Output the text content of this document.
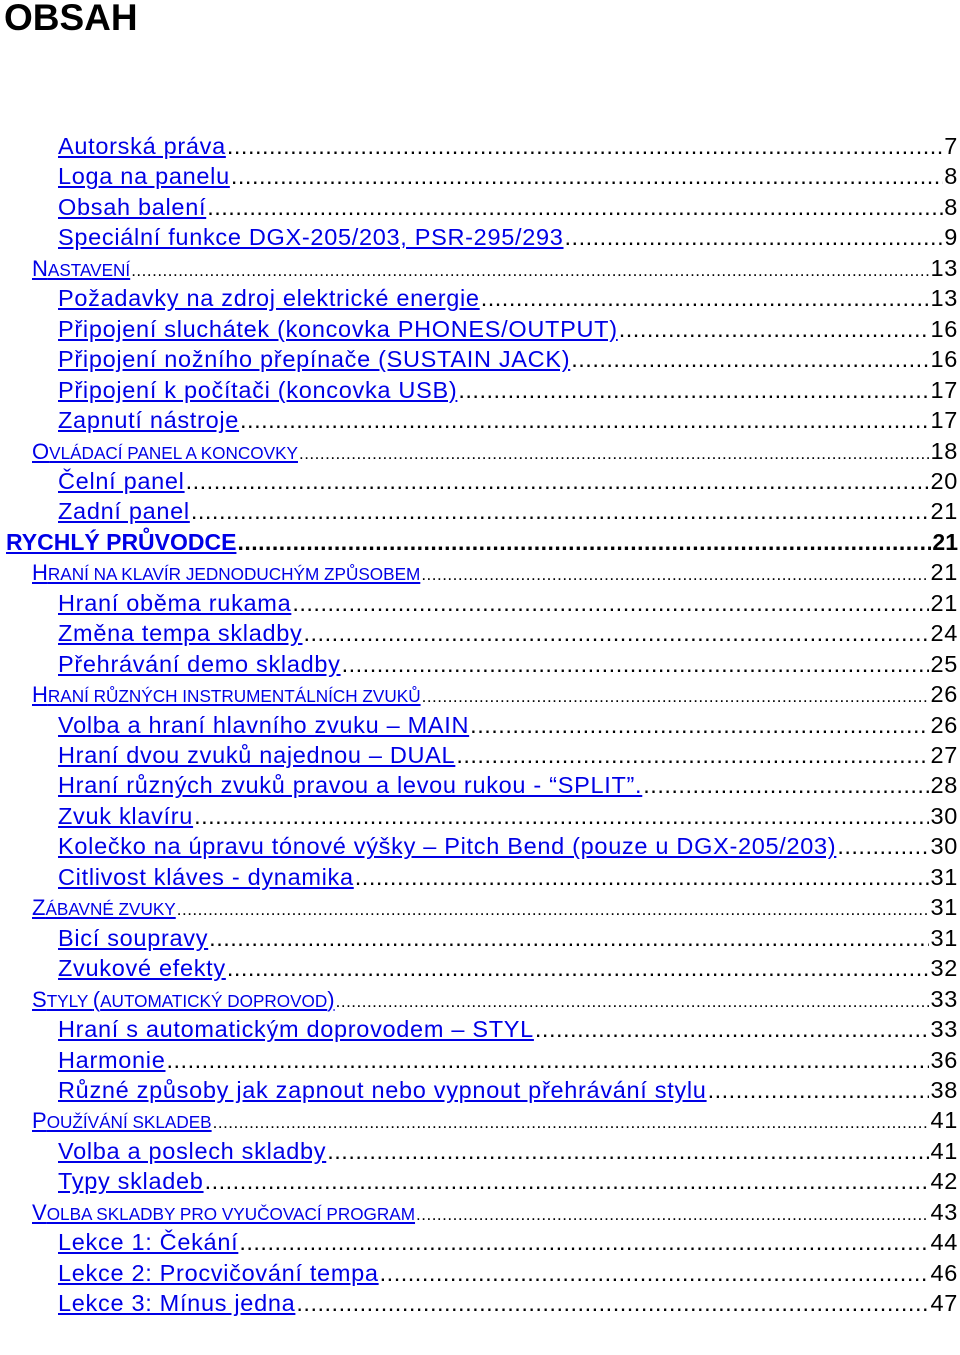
OBSAH
Autorská práva .....	7
Loga na panelu .....	8
Obsah balení .....	8
Speciální funkce DGX-205/203, PSR-295/293 .....	9
NASTAVENÍ .....	13
Požadavky na zdroj elektrické energie .....	13
Připojení sluchátek (koncovka PHONES/OUTPUT) .....	16
Připojení nožního přepínače (SUSTAIN JACK) .....	16
Připojení k počítači (koncovka USB) .....	17
Zapnutí nástroje .....	17
OVLÁDACÍ PANEL A KONCOVKY .....	18
Čelní panel .....	20
Zadní panel .....	21
RYCHLÝ PRŮVODCE .....	21
HRANÍ NA KLAVÍR JEDNODUCHÝM ZPŮSOBEM .....	21
Hraní oběma rukama .....	21
Změna tempa skladby .....	24
Přehrávání demo skladby .....	25
HRANÍ RŮZNÝCH INSTRUMENTÁLNÍCH ZVUKŮ .....	26
Volba a hraní hlavního zvuku – MAIN .....	26
Hraní dvou zvuků najednou – DUAL .....	27
Hraní různých zvuků pravou a levou rukou - “SPLIT”. .....	28
Zvuk klavíru .....	30
Kolečko na úpravu tónové výšky – Pitch Bend (pouze u DGX-205/203) .....	30
Citlivost kláves - dynamika .....	31
ZÁBAVNÉ ZVUKY .....	31
Bicí soupravy .....	31
Zvukové efekty .....	32
STYLY (AUTOMATICKÝ DOPROVOD) .....	33
Hraní s automatickým doprovodem – STYL .....	33
Harmonie .....	36
Různé způsoby jak zapnout nebo vypnout přehrávání stylu .....	38
POUŽÍVÁNÍ SKLADEB .....	41
Volba a poslech skladby .....	41
Typy skladeb .....	42
VOLBA SKLADBY PRO VYUČOVACÍ PROGRAM .....	43
Lekce 1: Čekání .....	44
Lekce 2: Procvičování tempa .....	46
Lekce 3: Mínus jedna .....	47
